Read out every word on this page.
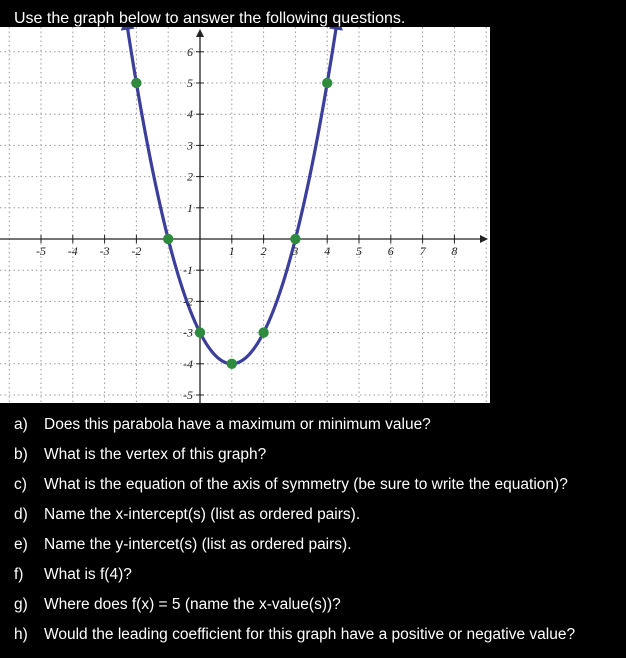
Use the graph below to answer the following questions.
-5 -4 -3 -2	1 2 3 4 5 6 7 8
6
5
4
3
2
1
-1
-2
-3
-4
-5
a) Does this parabola have a maximum or minimum value?
b) What is the vertex of this graph?
c) What is the equation of the axis of symmetry (be sure to write the equation)?
d) Name the x-intercept(s) (list as ordered pairs).
e) Name the y-intercet(s) (list as ordered pairs).
f) What is f(4)?
g) Where does f(x) = 5 (name the x-value(s))?
h) Would the leading coefficient for this graph have a positive or negative value?
